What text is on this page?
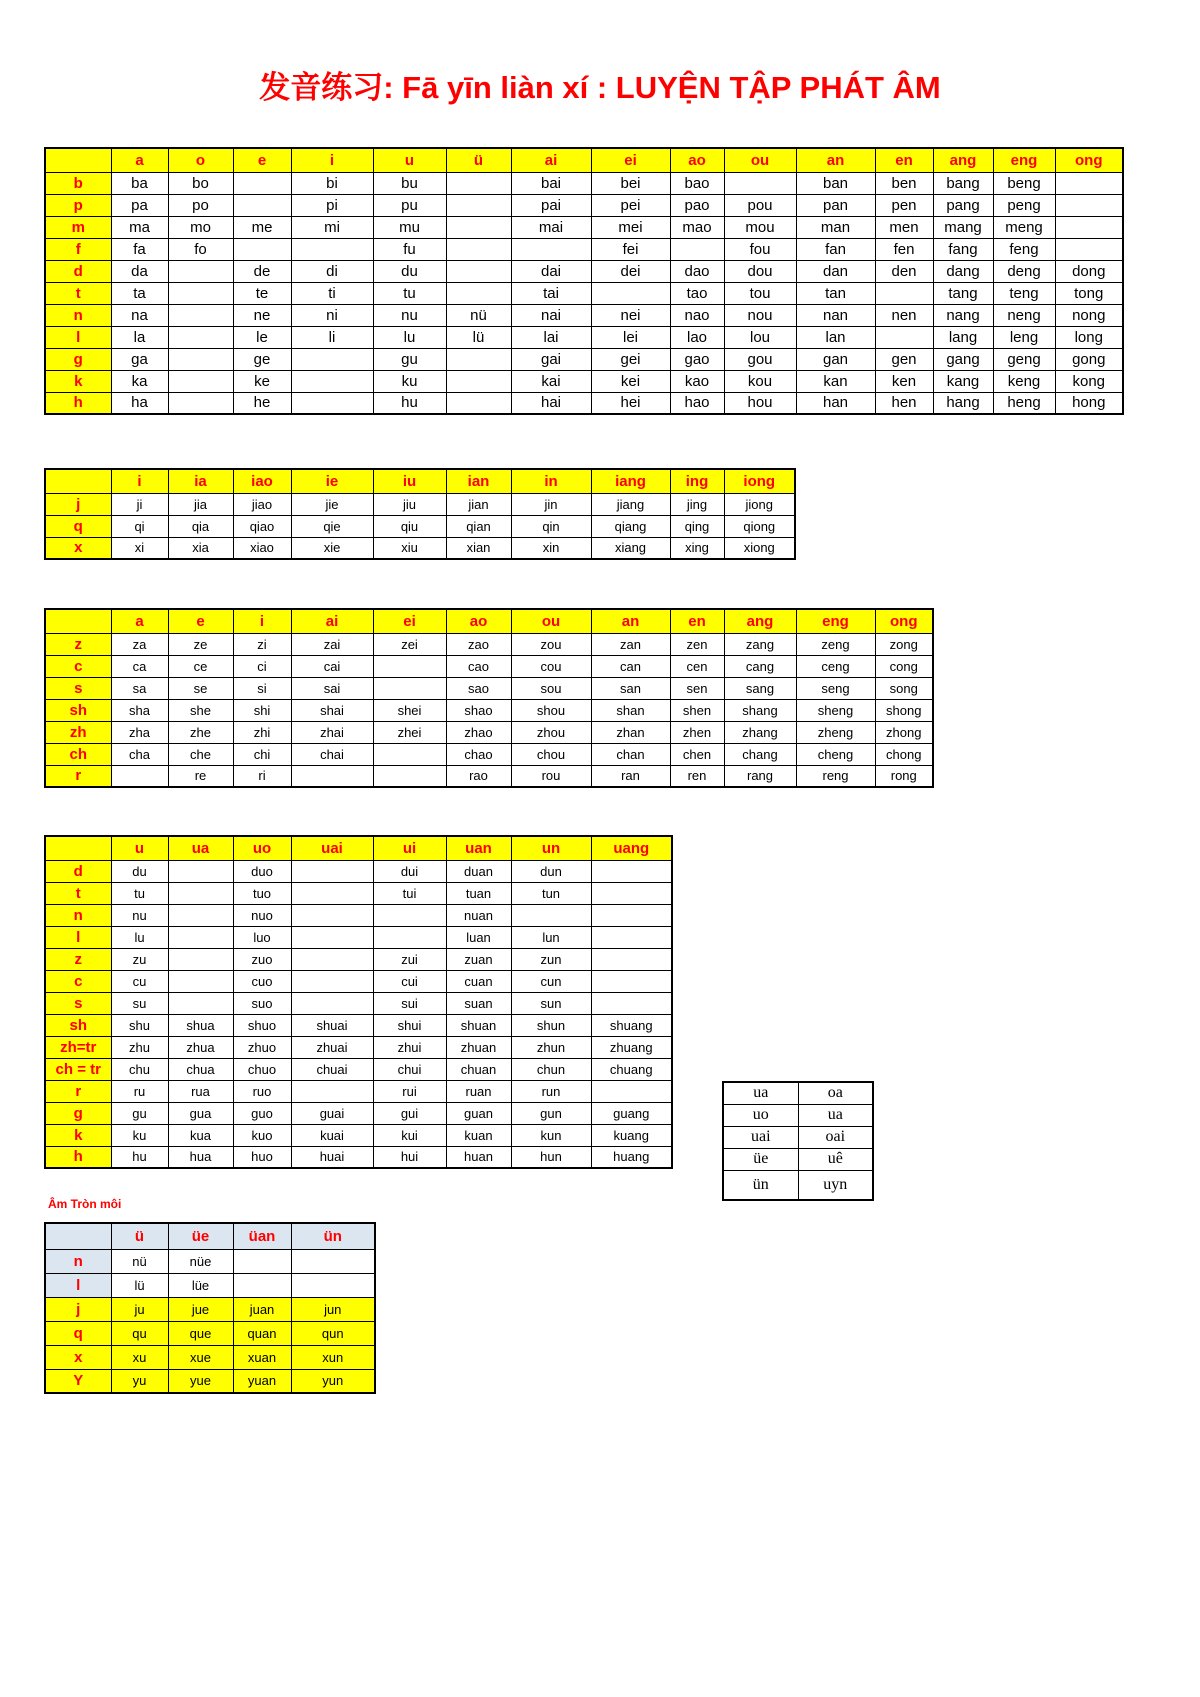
发音练习: Fā yīn liàn xí : LUYỆN TẬP PHÁT ÂM
	a	o	e	i	u	ü	ai	ei	ao	ou	an	en	ang	eng	ong
b	ba	bo		bi	bu		bai	bei	bao		ban	ben	bang	beng	
p	pa	po		pi	pu		pai	pei	pao	pou	pan	pen	pang	peng	
m	ma	mo	me	mi	mu		mai	mei	mao	mou	man	men	mang	meng	
f	fa	fo			fu			fei		fou	fan	fen	fang	feng	
d	da		de	di	du		dai	dei	dao	dou	dan	den	dang	deng	dong
t	ta		te	ti	tu		tai		tao	tou	tan		tang	teng	tong
n	na		ne	ni	nu	nü	nai	nei	nao	nou	nan	nen	nang	neng	nong
l	la		le	li	lu	lü	lai	lei	lao	lou	lan		lang	leng	long
g	ga		ge		gu		gai	gei	gao	gou	gan	gen	gang	geng	gong
k	ka		ke		ku		kai	kei	kao	kou	kan	ken	kang	keng	kong
h	ha		he		hu		hai	hei	hao	hou	han	hen	hang	heng	hong
	i	ia	iao	ie	iu	ian	in	iang	ing	iong
j	ji	jia	jiao	jie	jiu	jian	jin	jiang	jing	jiong
q	qi	qia	qiao	qie	qiu	qian	qin	qiang	qing	qiong
x	xi	xia	xiao	xie	xiu	xian	xin	xiang	xing	xiong
	a	e	i	ai	ei	ao	ou	an	en	ang	eng	ong
z	za	ze	zi	zai	zei	zao	zou	zan	zen	zang	zeng	zong
c	ca	ce	ci	cai		cao	cou	can	cen	cang	ceng	cong
s	sa	se	si	sai		sao	sou	san	sen	sang	seng	song
sh	sha	she	shi	shai	shei	shao	shou	shan	shen	shang	sheng	shong
zh	zha	zhe	zhi	zhai	zhei	zhao	zhou	zhan	zhen	zhang	zheng	zhong
ch	cha	che	chi	chai		chao	chou	chan	chen	chang	cheng	chong
r		re	ri			rao	rou	ran	ren	rang	reng	rong
	u	ua	uo	uai	ui	uan	un	uang
d	du		duo		dui	duan	dun	
t	tu		tuo		tui	tuan	tun	
n	nu		nuo			nuan		
l	lu		luo			luan	lun	
z	zu		zuo		zui	zuan	zun	
c	cu		cuo		cui	cuan	cun	
s	su		suo		sui	suan	sun	
sh	shu	shua	shuo	shuai	shui	shuan	shun	shuang
zh=tr	zhu	zhua	zhuo	zhuai	zhui	zhuan	zhun	zhuang
ch = tr	chu	chua	chuo	chuai	chui	chuan	chun	chuang
r	ru	rua	ruo		rui	ruan	run	
g	gu	gua	guo	guai	gui	guan	gun	guang
k	ku	kua	kuo	kuai	kui	kuan	kun	kuang
h	hu	hua	huo	huai	hui	huan	hun	huang
ua	oa
uo	ua
uai	oai
üe	uê
ün	uyn
Âm Tròn môi
	ü	üe	üan	ün
n	nü	nüe		
l	lü	lüe		
j	ju	jue	juan	jun
q	qu	que	quan	qun
x	xu	xue	xuan	xun
Y	yu	yue	yuan	yun
